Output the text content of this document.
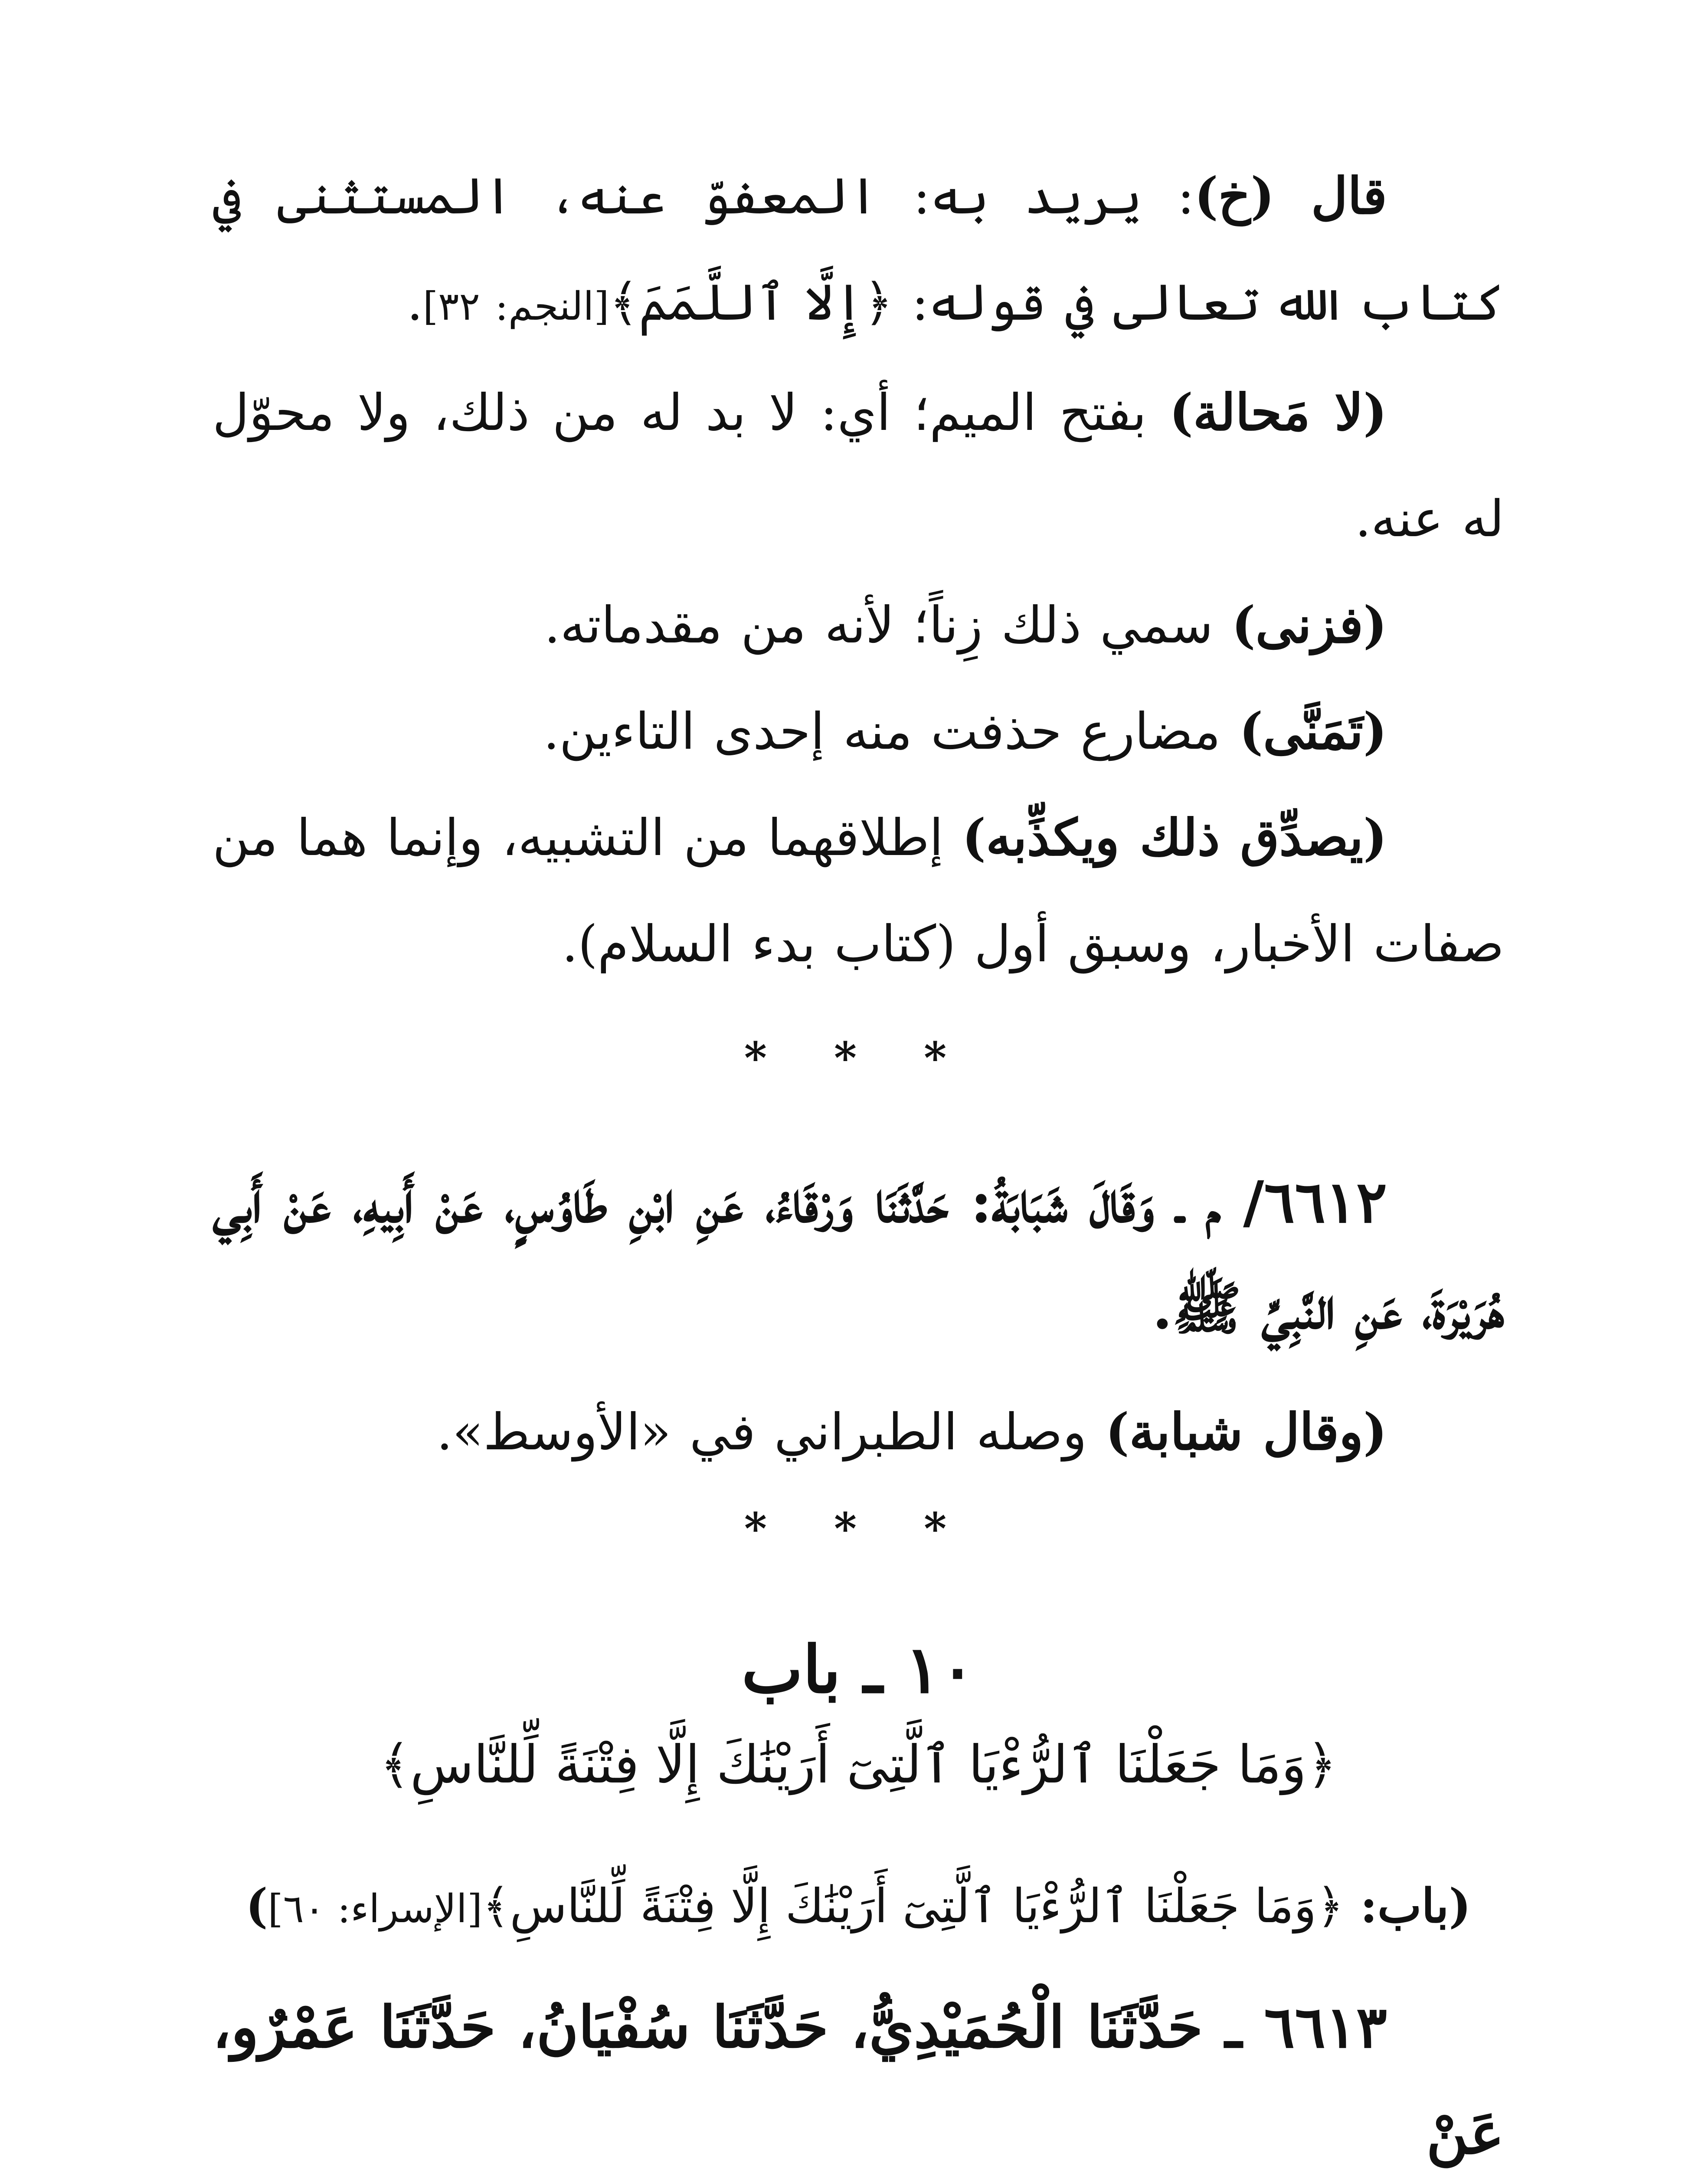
قال (خ): يريد به: المعفوّ عنه، المستثنى في كتاب الله تعالى في قوله: ﴿إِلَّا ٱللَّمَمَ﴾[النجم: ٣٢].

(لا مَحالة) بفتح الميم؛ أي: لا بد له من ذلك، ولا محوّل له عنه.

(فزنى) سمي ذلك زِناً؛ لأنه من مقدماته.

(تَمَنَّى) مضارع حذفت منه إحدى التاءين.

(يصدِّق ذلك ويكذِّبه) إطلاقهما من التشبيه، وإنما هما من صفات الأخبار، وسبق أول (كتاب بدء السلام).

* * *

٦٦١٢/ م ـ وَقَالَ شَبَابَةُ: حَدَّثَنَا وَرْقَاءُ، عَنِ ابْنِ طَاوُسٍ، عَنْ أَبِيهِ، عَنْ أَبِي هُرَيْرَةَ، عَنِ النَّبِيِّ ﷺ.

(وقال شبابة) وصله الطبراني في «الأوسط».

* * *

١٠ ـ باب

﴿وَمَا جَعَلْنَا ٱلرُّءْيَا ٱلَّتِىٓ أَرَيْنَٰكَ إِلَّا فِتْنَةً لِّلنَّاسِ﴾

(باب: ﴿وَمَا جَعَلْنَا ٱلرُّءْيَا ٱلَّتِىٓ أَرَيْنَٰكَ إِلَّا فِتْنَةً لِّلنَّاسِ﴾[الإسراء: ٦٠])

٦٦١٣ ـ حَدَّثَنَا الْحُمَيْدِيُّ، حَدَّثَنَا سُفْيَانُ، حَدَّثَنَا عَمْرٌو، عَنْ
